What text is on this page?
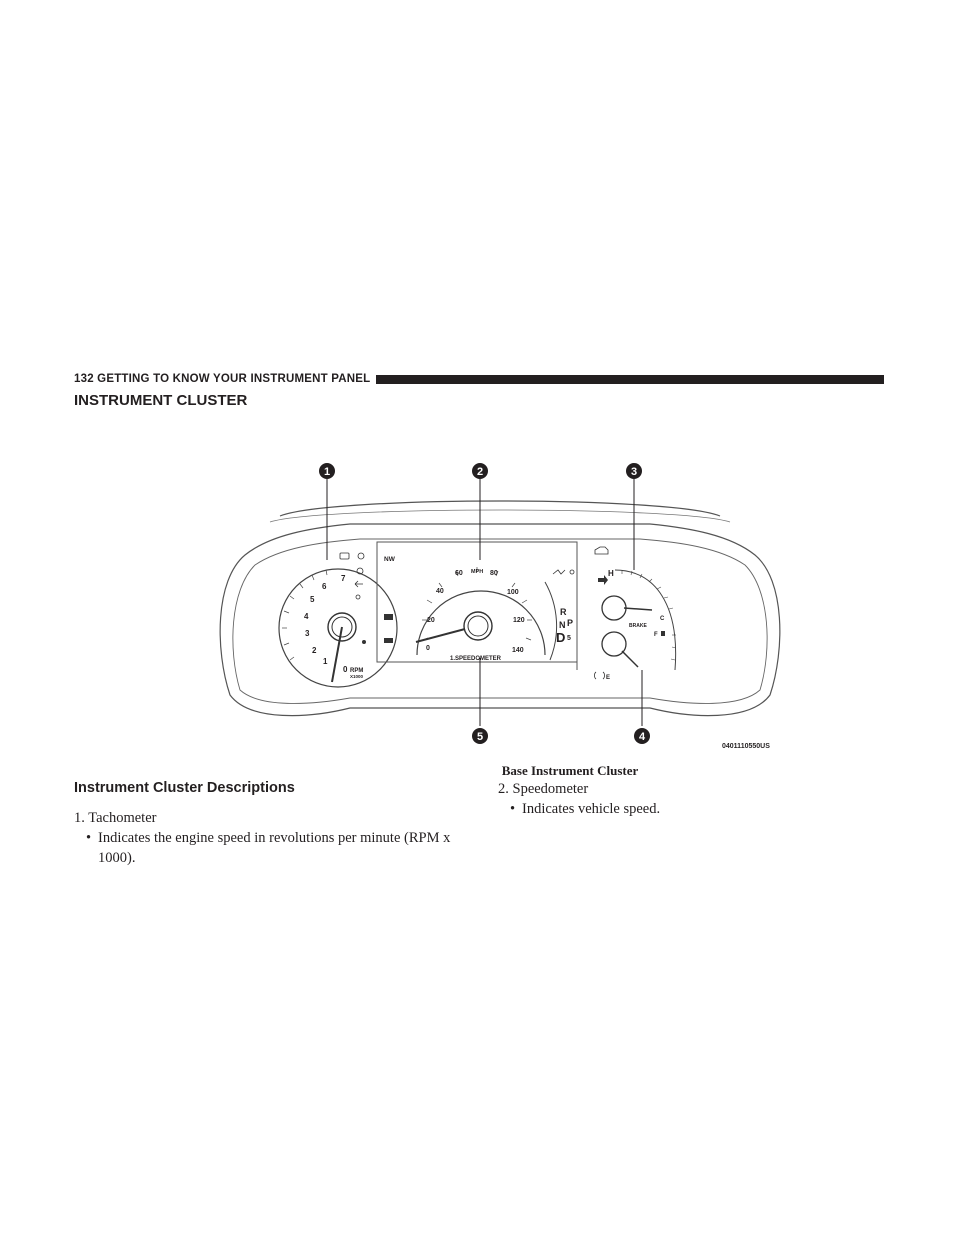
132 GETTING TO KNOW YOUR INSTRUMENT PANEL
INSTRUMENT CLUSTER
0
1
2
3
4
5
6
7
RPM
X1000
NW
0
20
40
60	80
100
120
140
MPH
1.SPEEDOMETER
P
R
N
D 5
H
C
BRAKE
F
E
1	2	3
4
5
0401110550US
Base Instrument Cluster
Instrument Cluster Descriptions

1. Tachometer

• Indicates the engine speed in revolutions per minute (RPM x 1000).

2. Speedometer

• Indicates vehicle speed.
